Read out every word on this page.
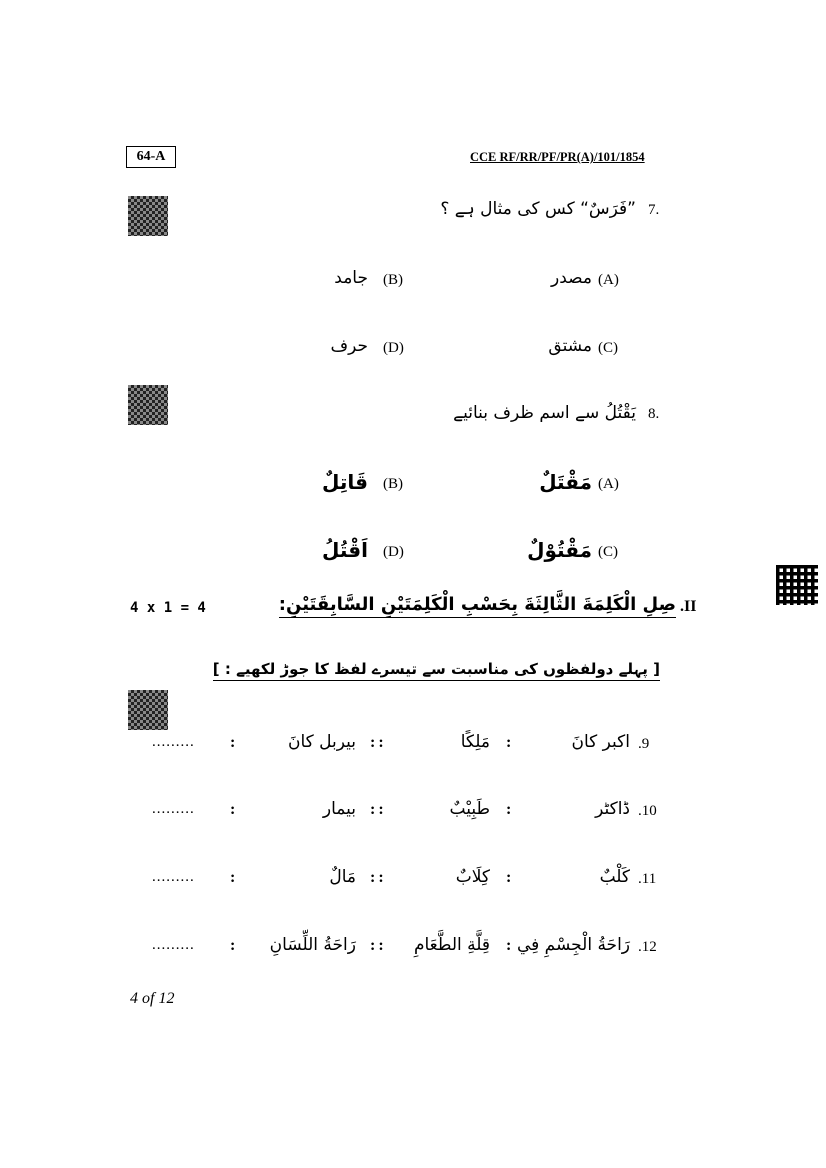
64-A	CCE RF/RR/PF/PR(A)/101/1854
7.
”فَرَسٌ“ کس کی مثال ہے ؟
(A)
مصدر
(B)
جامد
(C)
مشتق
(D)
حرف
8.
يَقْتُلُ سے اسم ظرف بنائیے
(A)
مَقْتَلٌ
(B)
قَاتِلٌ
(C)
مَقْتُوْلٌ
(D)
اَقْتُلُ
.II
4 x 1 = 4	صِلِ الْكَلِمَةَ الثَّالِثَةَ بِحَسْبِ الْكَلِمَتَيْنِ السَّابِقَتَيْنِ:
[ پہلے دولفظوں کی مناسبت سے تیسرے لفظ کا جوڑ لکھیے : ]
.9
اکبر کانَ
:
مَلِكًا
::
بیربل کانَ
:
.........
.10
ڈاکٹر
:
طَبِيْبٌ
::
بیمار
:
.........
.11
كَلْبٌ
:
كِلَابٌ
::
مَالٌ
:
.........
.12
رَاحَةُ الْجِسْمِ فِي
:
قِلَّةِ الطَّعَامِ
::
رَاحَةُ اللِّسَانِ
:
.........
4 of 12
